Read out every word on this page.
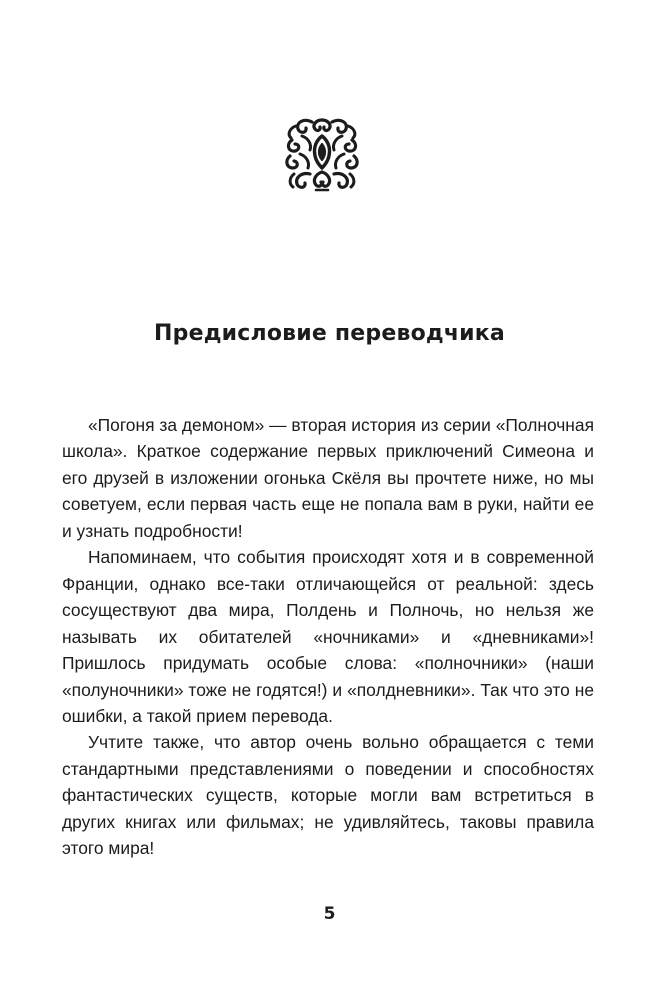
Предисловие переводчика

«Погоня за демоном» — вторая история из серии «Полночная школа». Краткое содержание первых приключений Симеона и его друзей в изложении огонька Скёля вы прочтете ниже, но мы советуем, если первая часть еще не попала вам в руки, найти ее и узнать подробности!

Напоминаем, что события происходят хотя и в современной Франции, однако все-таки отличающейся от реальной: здесь сосуществуют два мира, Полдень и Полночь, но нельзя же называть их обитателей «ночниками» и «дневниками»! Пришлось придумать особые слова: «полночники» (наши «полуночники» тоже не годятся!) и «полдневники». Так что это не ошибки, а такой прием перевода.

Учтите также, что автор очень вольно обращается с теми стандартными представлениями о поведении и способностях фантастических существ, которые могли вам встретиться в других книгах или фильмах; не удивляйтесь, таковы правила этого мира!

5
